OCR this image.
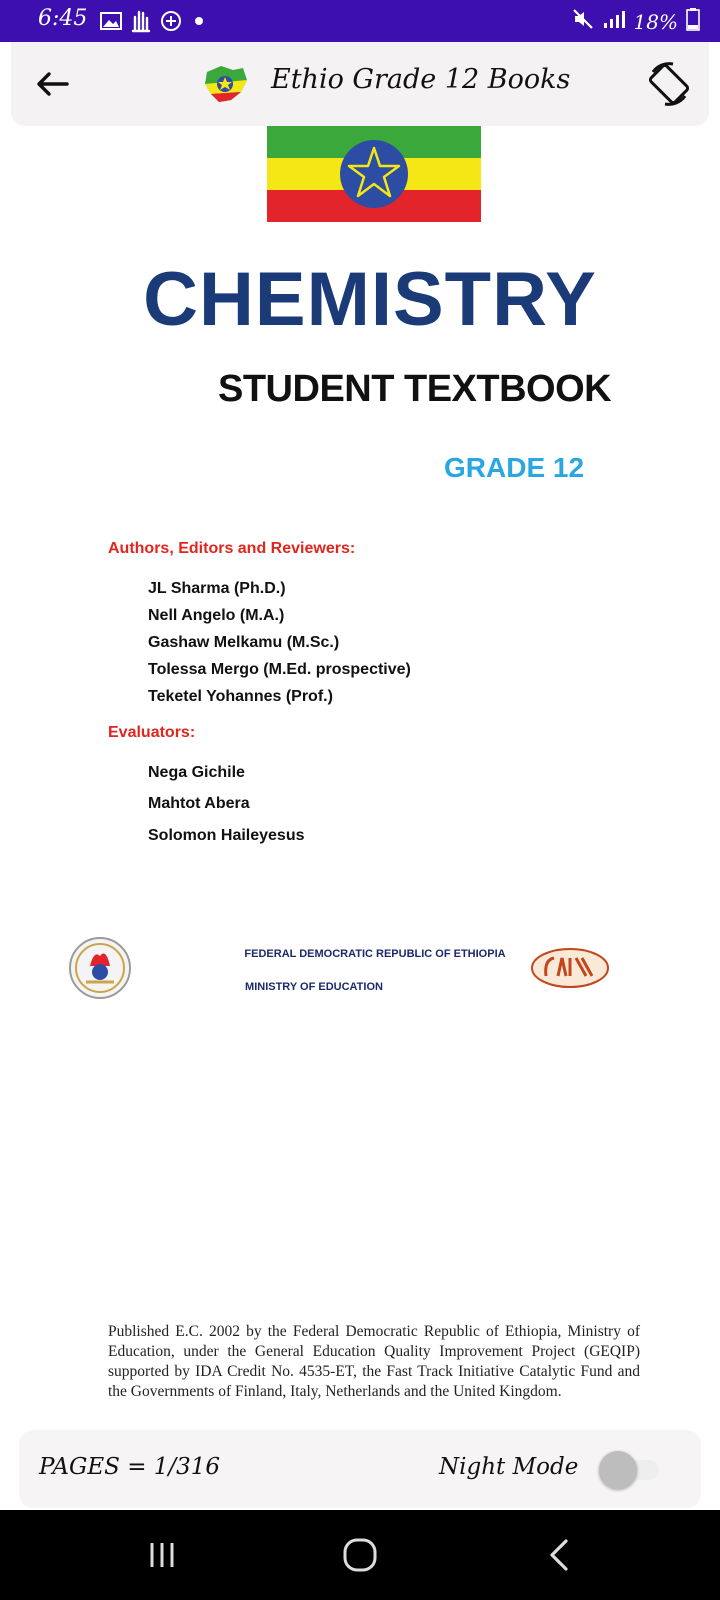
6:45	18%
Ethio Grade 12 Books
CHEMISTRY
STUDENT TEXTBOOK
GRADE 12
Authors, Editors and Reviewers:
JL Sharma (Ph.D.)
Nell Angelo (M.A.)
Gashaw Melkamu (M.Sc.)
Tolessa Mergo (M.Ed. prospective)
Teketel Yohannes (Prof.)
Evaluators:
Nega Gichile
Mahtot Abera
Solomon Haileyesus
FEDERAL DEMOCRATIC REPUBLIC OF ETHIOPIA
MINISTRY OF EDUCATION
Published E.C. 2002 by the Federal Democratic Republic of Ethiopia, Ministry of Education, under the General Education Quality Improvement Project (GEQIP) supported by IDA Credit No. 4535-ET, the Fast Track Initiative Catalytic Fund and the Governments of Finland, Italy, Netherlands and the United Kingdom.
PAGES = 1/316	Night Mode
